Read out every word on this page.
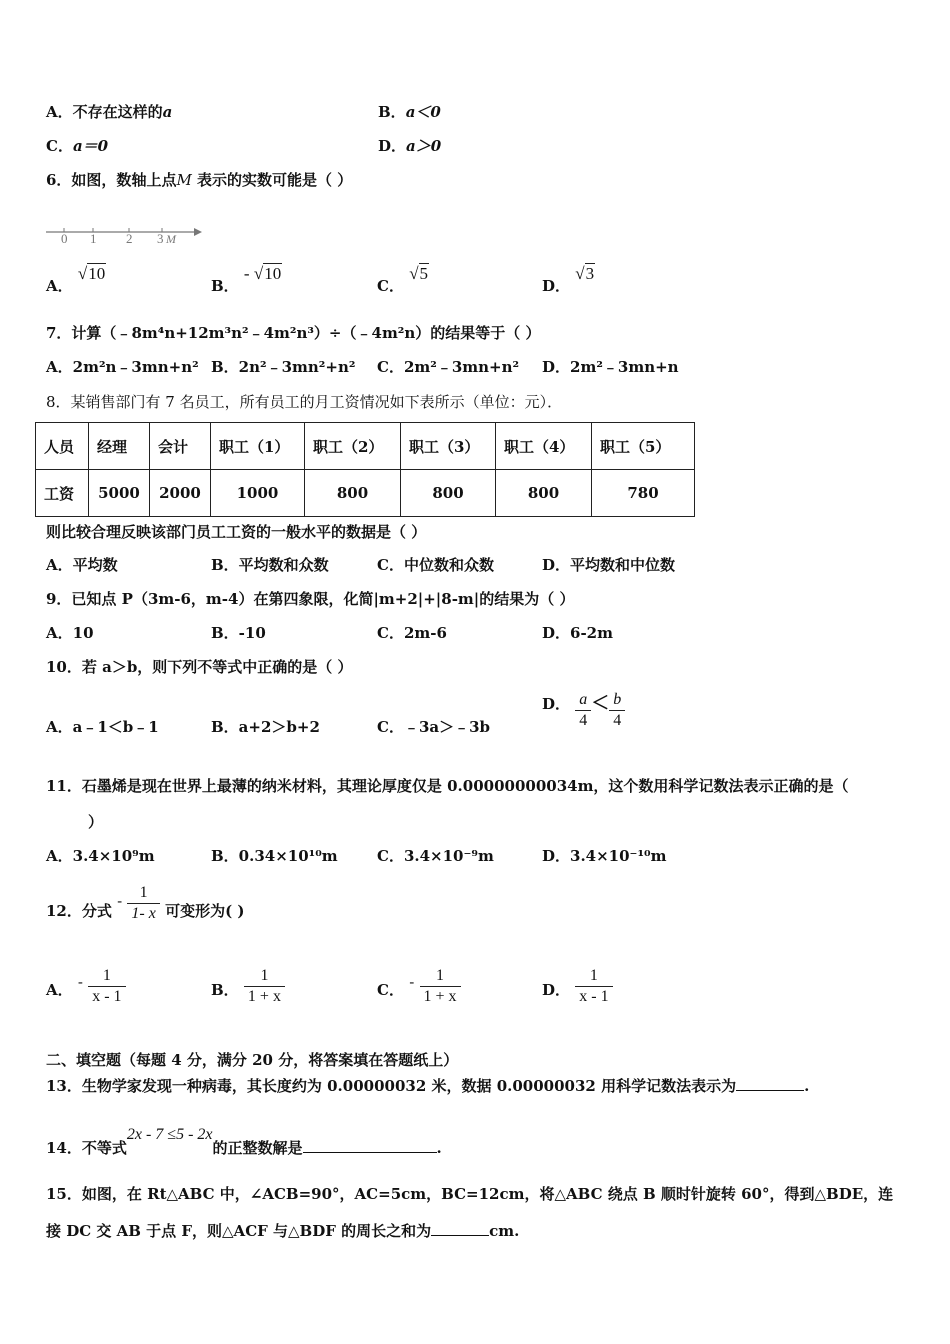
A．不存在这样的a	B．a＜0
C．a＝0	D．a＞0
6．如图，数轴上点M 表示的实数可能是（ ）
0 1 2 3 M
A． √10
B． - √10
C． √5
D． √3
7．计算（﹣8m⁴n+12m³n²﹣4m²n³）÷（﹣4m²n）的结果等于（ ）
A．2m²n﹣3mn+n² B．2n²﹣3mn²+n² C．2m²﹣3mn+n² D．2m²﹣3mn+n
8．某销售部门有 7 名员工，所有员工的月工资情况如下表所示（单位：元）．
人员	经理	会计	职工（1）	职工（2）	职工（3）	职工（4）	职工（5）
工资	5000	2000	1000	800	800	800	780
则比较合理反映该部门员工工资的一般水平的数据是（ ）
A．平均数	B．平均数和众数	C．中位数和众数	D．平均数和中位数
9．已知点 P（3m-6，m-4）在第四象限，化简|m+2|+|8-m|的结果为（ ）
A．10	B．-10	C．2m-6	D．6-2m
10．若 a＞b，则下列不等式中正确的是（ ）
A．a﹣1＜b﹣1	B．a+2＞b+2	C．﹣3a＞﹣3b
D． $\frac{a}{4} < \frac{b}{4}$
11．石墨烯是现在世界上最薄的纳米材料，其理论厚度仅是 0.00000000034m，这个数用科学记数法表示正确的是（
）
A．3.4×10⁹m	B．0.34×10¹⁰m	C．3.4×10⁻⁹m	D．3.4×10⁻¹⁰m
12．分式 - $\frac{1}{1- x}$ 可变形为( )
A． - $\frac{1}{x - 1}$	B． $\frac{1}{1 + x}$	C． - $\frac{1}{1 + x}$	D． $\frac{1}{x - 1}$
二、填空题（每题 4 分，满分 20 分，将答案填在答题纸上）
13．生物学家发现一种病毒，其长度约为 0.00000032 米，数据 0.00000032 用科学记数法表示为	.
14．不等式2x - 7 ≤5 - 2x的正整数解是	.
15．如图，在 Rt△ABC 中，∠ACB=90°，AC=5cm，BC=12cm，将△ABC 绕点 B 顺时针旋转 60°，得到△BDE，连
接 DC 交 AB 于点 F，则△ACF 与△BDF 的周长之和为	cm.
